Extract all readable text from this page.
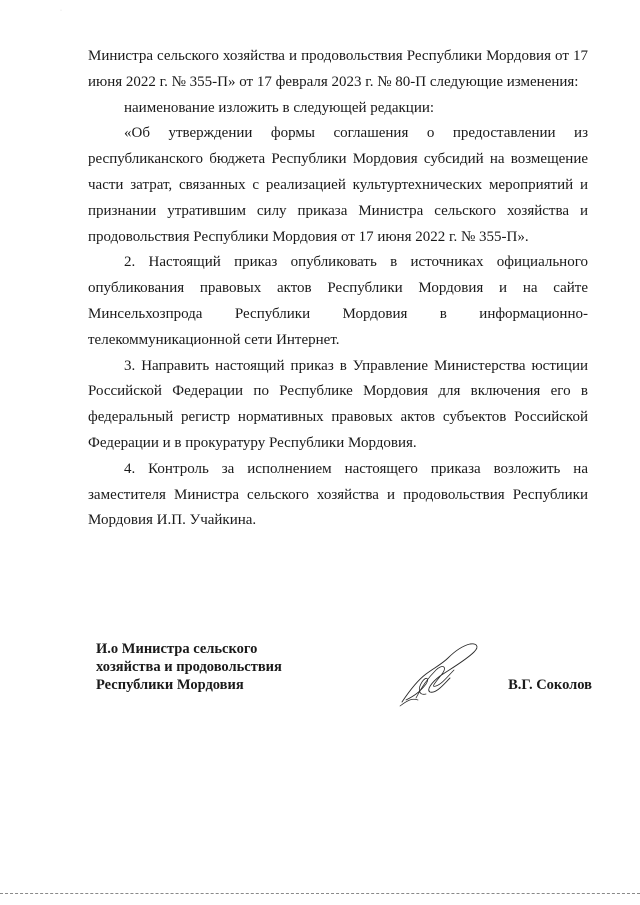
·

Министра сельского хозяйства и продовольствия Республики Мордовия от 17 июня 2022 г. № 355-П» от 17 февраля 2023 г. № 80-П следующие изменения:

наименование изложить в следующей редакции:

«Об утверждении формы соглашения о предоставлении из республиканского бюджета Республики Мордовия субсидий на возмещение части затрат, связанных с реализацией культуртехнических мероприятий и признании утратившим силу приказа Министра сельского хозяйства и продовольствия Республики Мордовия от 17 июня 2022 г. № 355-П».

2. Настоящий приказ опубликовать в источниках официального опубликования правовых актов Республики Мордовия и на сайте Минсельхозпрода Республики Мордовия в информационно-телекоммуникационной сети Интернет.

3. Направить настоящий приказ в Управление Министерства юстиции Российской Федерации по Республике Мордовия для включения его в федеральный регистр нормативных правовых актов субъектов Российской Федерации и в прокуратуру Республики Мордовия.

4. Контроль за исполнением настоящего приказа возложить на заместителя Министра сельского хозяйства и продовольствия Республики Мордовия И.П. Учайкина.

И.о Министра сельского
хозяйства и продовольствия
Республики Мордовия	В.Г. Соколов
